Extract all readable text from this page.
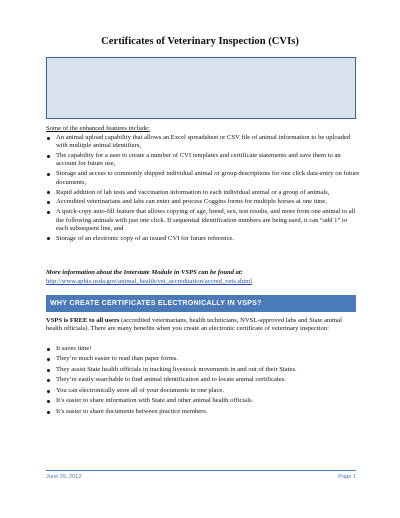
Certificates of Veterinary Inspection (CVIs)
Some of the enhanced features include:
An animal upload capability that allows an Excel spreadsheet or CSV file of animal information to be uploaded with multiple animal identifiers,
The capability for a user to create a number of CVI templates and certificate statements and save them to an account for future use,
Storage and access to commonly shipped individual animal or group descriptions for one click data-entry on future documents,
Rapid addition of lab tests and vaccination information to each individual animal or a group of animals,
Accredited veterinarians and labs can enter and process Coggins forms for multiple horses at one time,
A quick-copy auto-fill feature that allows copying of age, breed, sex, test results, and more from one animal to all the following animals with just one click. If sequential identification numbers are being used, it can “add 1” to each subsequent line, and
Storage of an electronic copy of an issued CVI for future reference.
More information about the Interstate Module in VSPS can be found at:
http://www.aphis.usda.gov/animal_health/vet_accreditation/accred_vets.shtml
WHY CREATE CERTIFICATES ELECTRONICALLY IN VSPS?
VSPS is FREE to all users (accredited veterinarians, health technicians, NVSL-approved labs and State animal health officials). There are many benefits when you create an electronic certificate of veterinary inspection:
It saves time!
They’re much easier to read than paper forms.
They assist State health officials in tracking livestock movements in and out of their States.
They’re easily searchable to find animal identification and to locate animal certificates.
You can electronically store all of your documents in one place.
It’s easier to share information with State and other animal health officials.
It’s easier to share documents between practice members.
June 29, 2012	Page 1
